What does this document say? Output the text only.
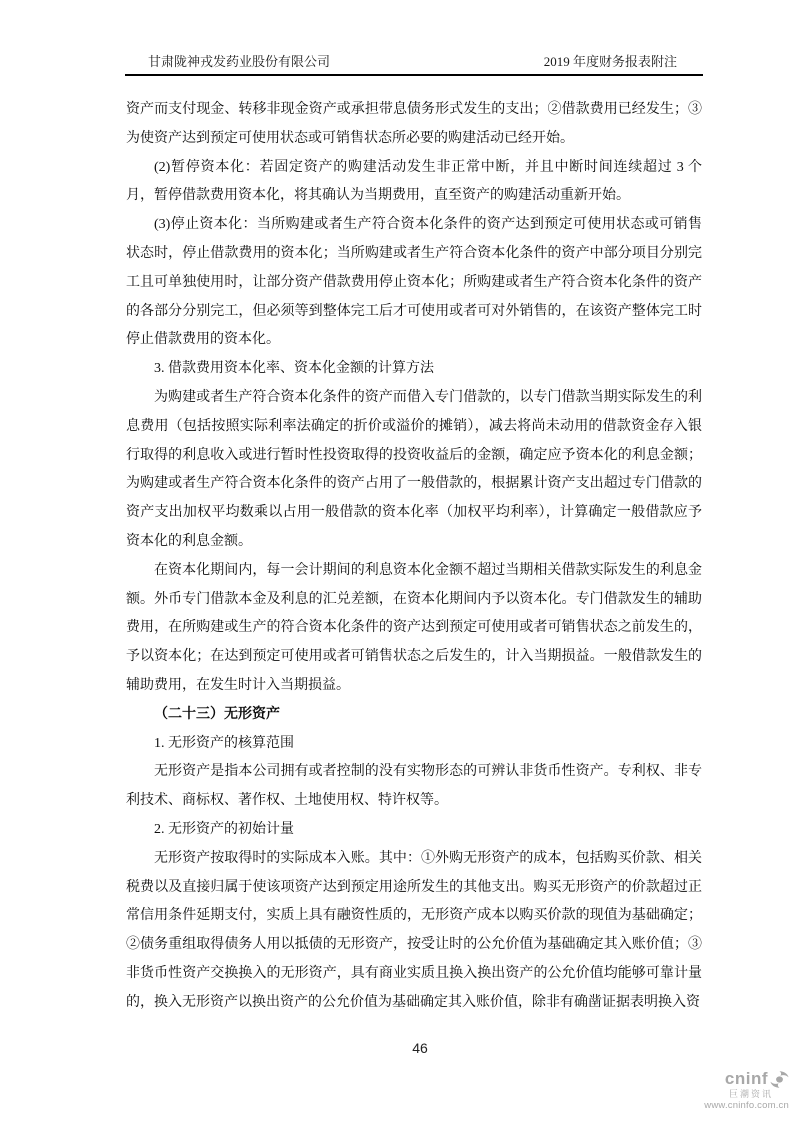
甘肃陇神戎发药业股份有限公司	2019 年度财务报表附注

资产而支付现金、转移非现金资产或承担带息债务形式发生的支出；②借款费用已经发生；③为使资产达到预定可使用状态或可销售状态所必要的购建活动已经开始。

(2)暂停资本化：若固定资产的购建活动发生非正常中断，并且中断时间连续超过 3 个月，暂停借款费用资本化，将其确认为当期费用，直至资产的购建活动重新开始。

(3)停止资本化：当所购建或者生产符合资本化条件的资产达到预定可使用状态或可销售状态时，停止借款费用的资本化；当所购建或者生产符合资本化条件的资产中部分项目分别完工且可单独使用时，让部分资产借款费用停止资本化；所购建或者生产符合资本化条件的资产的各部分分别完工，但必须等到整体完工后才可使用或者可对外销售的，在该资产整体完工时停止借款费用的资本化。

3. 借款费用资本化率、资本化金额的计算方法

为购建或者生产符合资本化条件的资产而借入专门借款的，以专门借款当期实际发生的利息费用（包括按照实际利率法确定的折价或溢价的摊销），减去将尚未动用的借款资金存入银行取得的利息收入或进行暂时性投资取得的投资收益后的金额，确定应予资本化的利息金额；为购建或者生产符合资本化条件的资产占用了一般借款的，根据累计资产支出超过专门借款的资产支出加权平均数乘以占用一般借款的资本化率（加权平均利率），计算确定一般借款应予资本化的利息金额。

在资本化期间内，每一会计期间的利息资本化金额不超过当期相关借款实际发生的利息金额。外币专门借款本金及利息的汇兑差额，在资本化期间内予以资本化。专门借款发生的辅助费用，在所购建或生产的符合资本化条件的资产达到预定可使用或者可销售状态之前发生的，予以资本化；在达到预定可使用或者可销售状态之后发生的，计入当期损益。一般借款发生的辅助费用，在发生时计入当期损益。

（二十三）无形资产

1. 无形资产的核算范围

无形资产是指本公司拥有或者控制的没有实物形态的可辨认非货币性资产。专利权、非专利技术、商标权、著作权、土地使用权、特许权等。

2. 无形资产的初始计量

无形资产按取得时的实际成本入账。其中：①外购无形资产的成本，包括购买价款、相关税费以及直接归属于使该项资产达到预定用途所发生的其他支出。购买无形资产的价款超过正常信用条件延期支付，实质上具有融资性质的，无形资产成本以购买价款的现值为基础确定；②债务重组取得债务人用以抵债的无形资产，按受让时的公允价值为基础确定其入账价值；③非货币性资产交换换入的无形资产，具有商业实质且换入换出资产的公允价值均能够可靠计量的，换入无形资产以换出资产的公允价值为基础确定其入账价值，除非有确凿证据表明换入资

46
cninf
巨潮资讯
www.cninfo.com.cn
